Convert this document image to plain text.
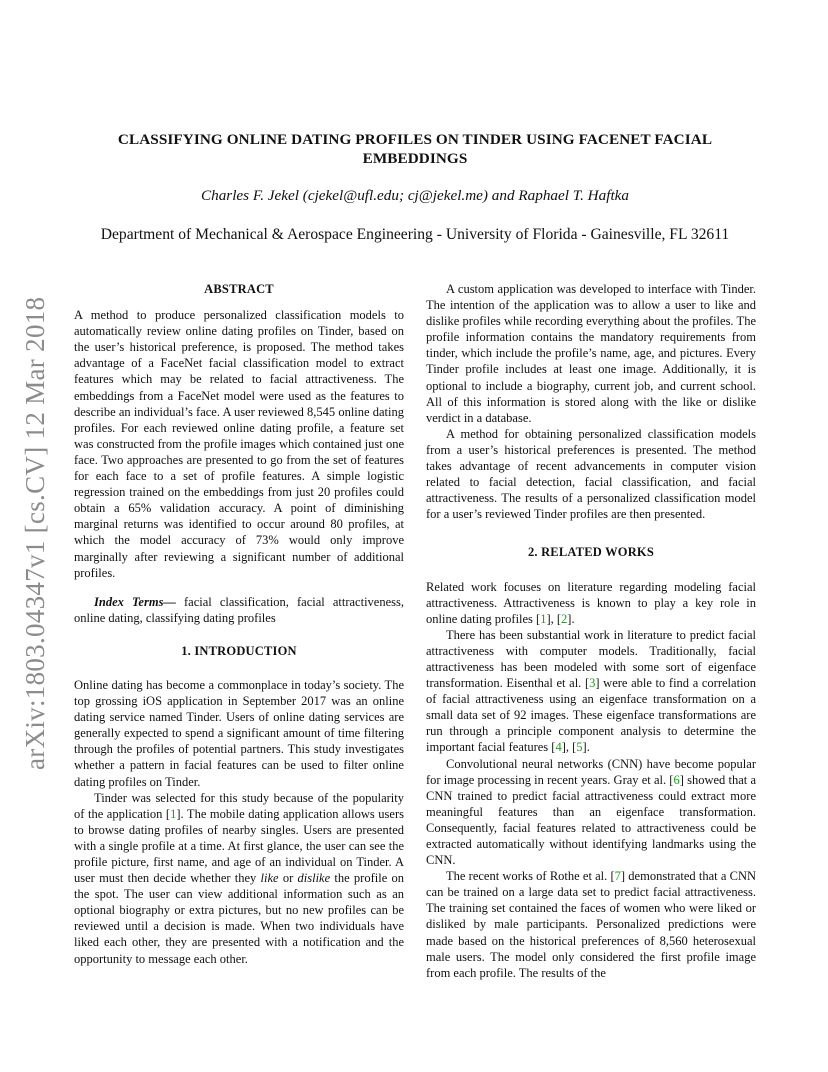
arXiv:1803.04347v1 [cs.CV] 12 Mar 2018
CLASSIFYING ONLINE DATING PROFILES ON TINDER USING FACENET FACIAL EMBEDDINGS
Charles F. Jekel (cjekel@ufl.edu; cj@jekel.me) and Raphael T. Haftka
Department of Mechanical & Aerospace Engineering - University of Florida - Gainesville, FL 32611
ABSTRACT

A method to produce personalized classification models to automatically review online dating profiles on Tinder, based on the user’s historical preference, is proposed. The method takes advantage of a FaceNet facial classification model to extract features which may be related to facial attractiveness. The embeddings from a FaceNet model were used as the features to describe an individual’s face. A user reviewed 8,545 online dating profiles. For each reviewed online dating profile, a feature set was constructed from the profile images which contained just one face. Two approaches are presented to go from the set of features for each face to a set of profile features. A simple logistic regression trained on the embeddings from just 20 profiles could obtain a 65% validation accuracy. A point of diminishing marginal returns was identified to occur around 80 profiles, at which the model accuracy of 73% would only improve marginally after reviewing a significant number of additional profiles.

Index Terms— facial classification, facial attractiveness, online dating, classifying dating profiles

1. INTRODUCTION

Online dating has become a commonplace in today’s society. The top grossing iOS application in September 2017 was an online dating service named Tinder. Users of online dating services are generally expected to spend a significant amount of time filtering through the profiles of potential partners. This study investigates whether a pattern in facial features can be used to filter online dating profiles on Tinder.

Tinder was selected for this study because of the popularity of the application [1]. The mobile dating application allows users to browse dating profiles of nearby singles. Users are presented with a single profile at a time. At first glance, the user can see the profile picture, first name, and age of an individual on Tinder. A user must then decide whether they like or dislike the profile on the spot. The user can view additional information such as an optional biography or extra pictures, but no new profiles can be reviewed until a decision is made. When two individuals have liked each other, they are presented with a notification and the opportunity to message each other.

A custom application was developed to interface with Tinder. The intention of the application was to allow a user to like and dislike profiles while recording everything about the profiles. The profile information contains the mandatory requirements from tinder, which include the profile’s name, age, and pictures. Every Tinder profile includes at least one image. Additionally, it is optional to include a biography, current job, and current school. All of this information is stored along with the like or dislike verdict in a database.

A method for obtaining personalized classification models from a user’s historical preferences is presented. The method takes advantage of recent advancements in computer vision related to facial detection, facial classification, and facial attractiveness. The results of a personalized classification model for a user’s reviewed Tinder profiles are then presented.

2. RELATED WORKS

Related work focuses on literature regarding modeling facial attractiveness. Attractiveness is known to play a key role in online dating profiles [1], [2].

There has been substantial work in literature to predict facial attractiveness with computer models. Traditionally, facial attractiveness has been modeled with some sort of eigenface transformation. Eisenthal et al. [3] were able to find a correlation of facial attractiveness using an eigenface transformation on a small data set of 92 images. These eigenface transformations are run through a principle component analysis to determine the important facial features [4], [5].

Convolutional neural networks (CNN) have become popular for image processing in recent years. Gray et al. [6] showed that a CNN trained to predict facial attractiveness could extract more meaningful features than an eigenface transformation. Consequently, facial features related to attractiveness could be extracted automatically without identifying landmarks using the CNN.

The recent works of Rothe et al. [7] demonstrated that a CNN can be trained on a large data set to predict facial attractiveness. The training set contained the faces of women who were liked or disliked by male participants. Personalized predictions were made based on the historical preferences of 8,560 heterosexual male users. The model only considered the first profile image from each profile. The results of the
